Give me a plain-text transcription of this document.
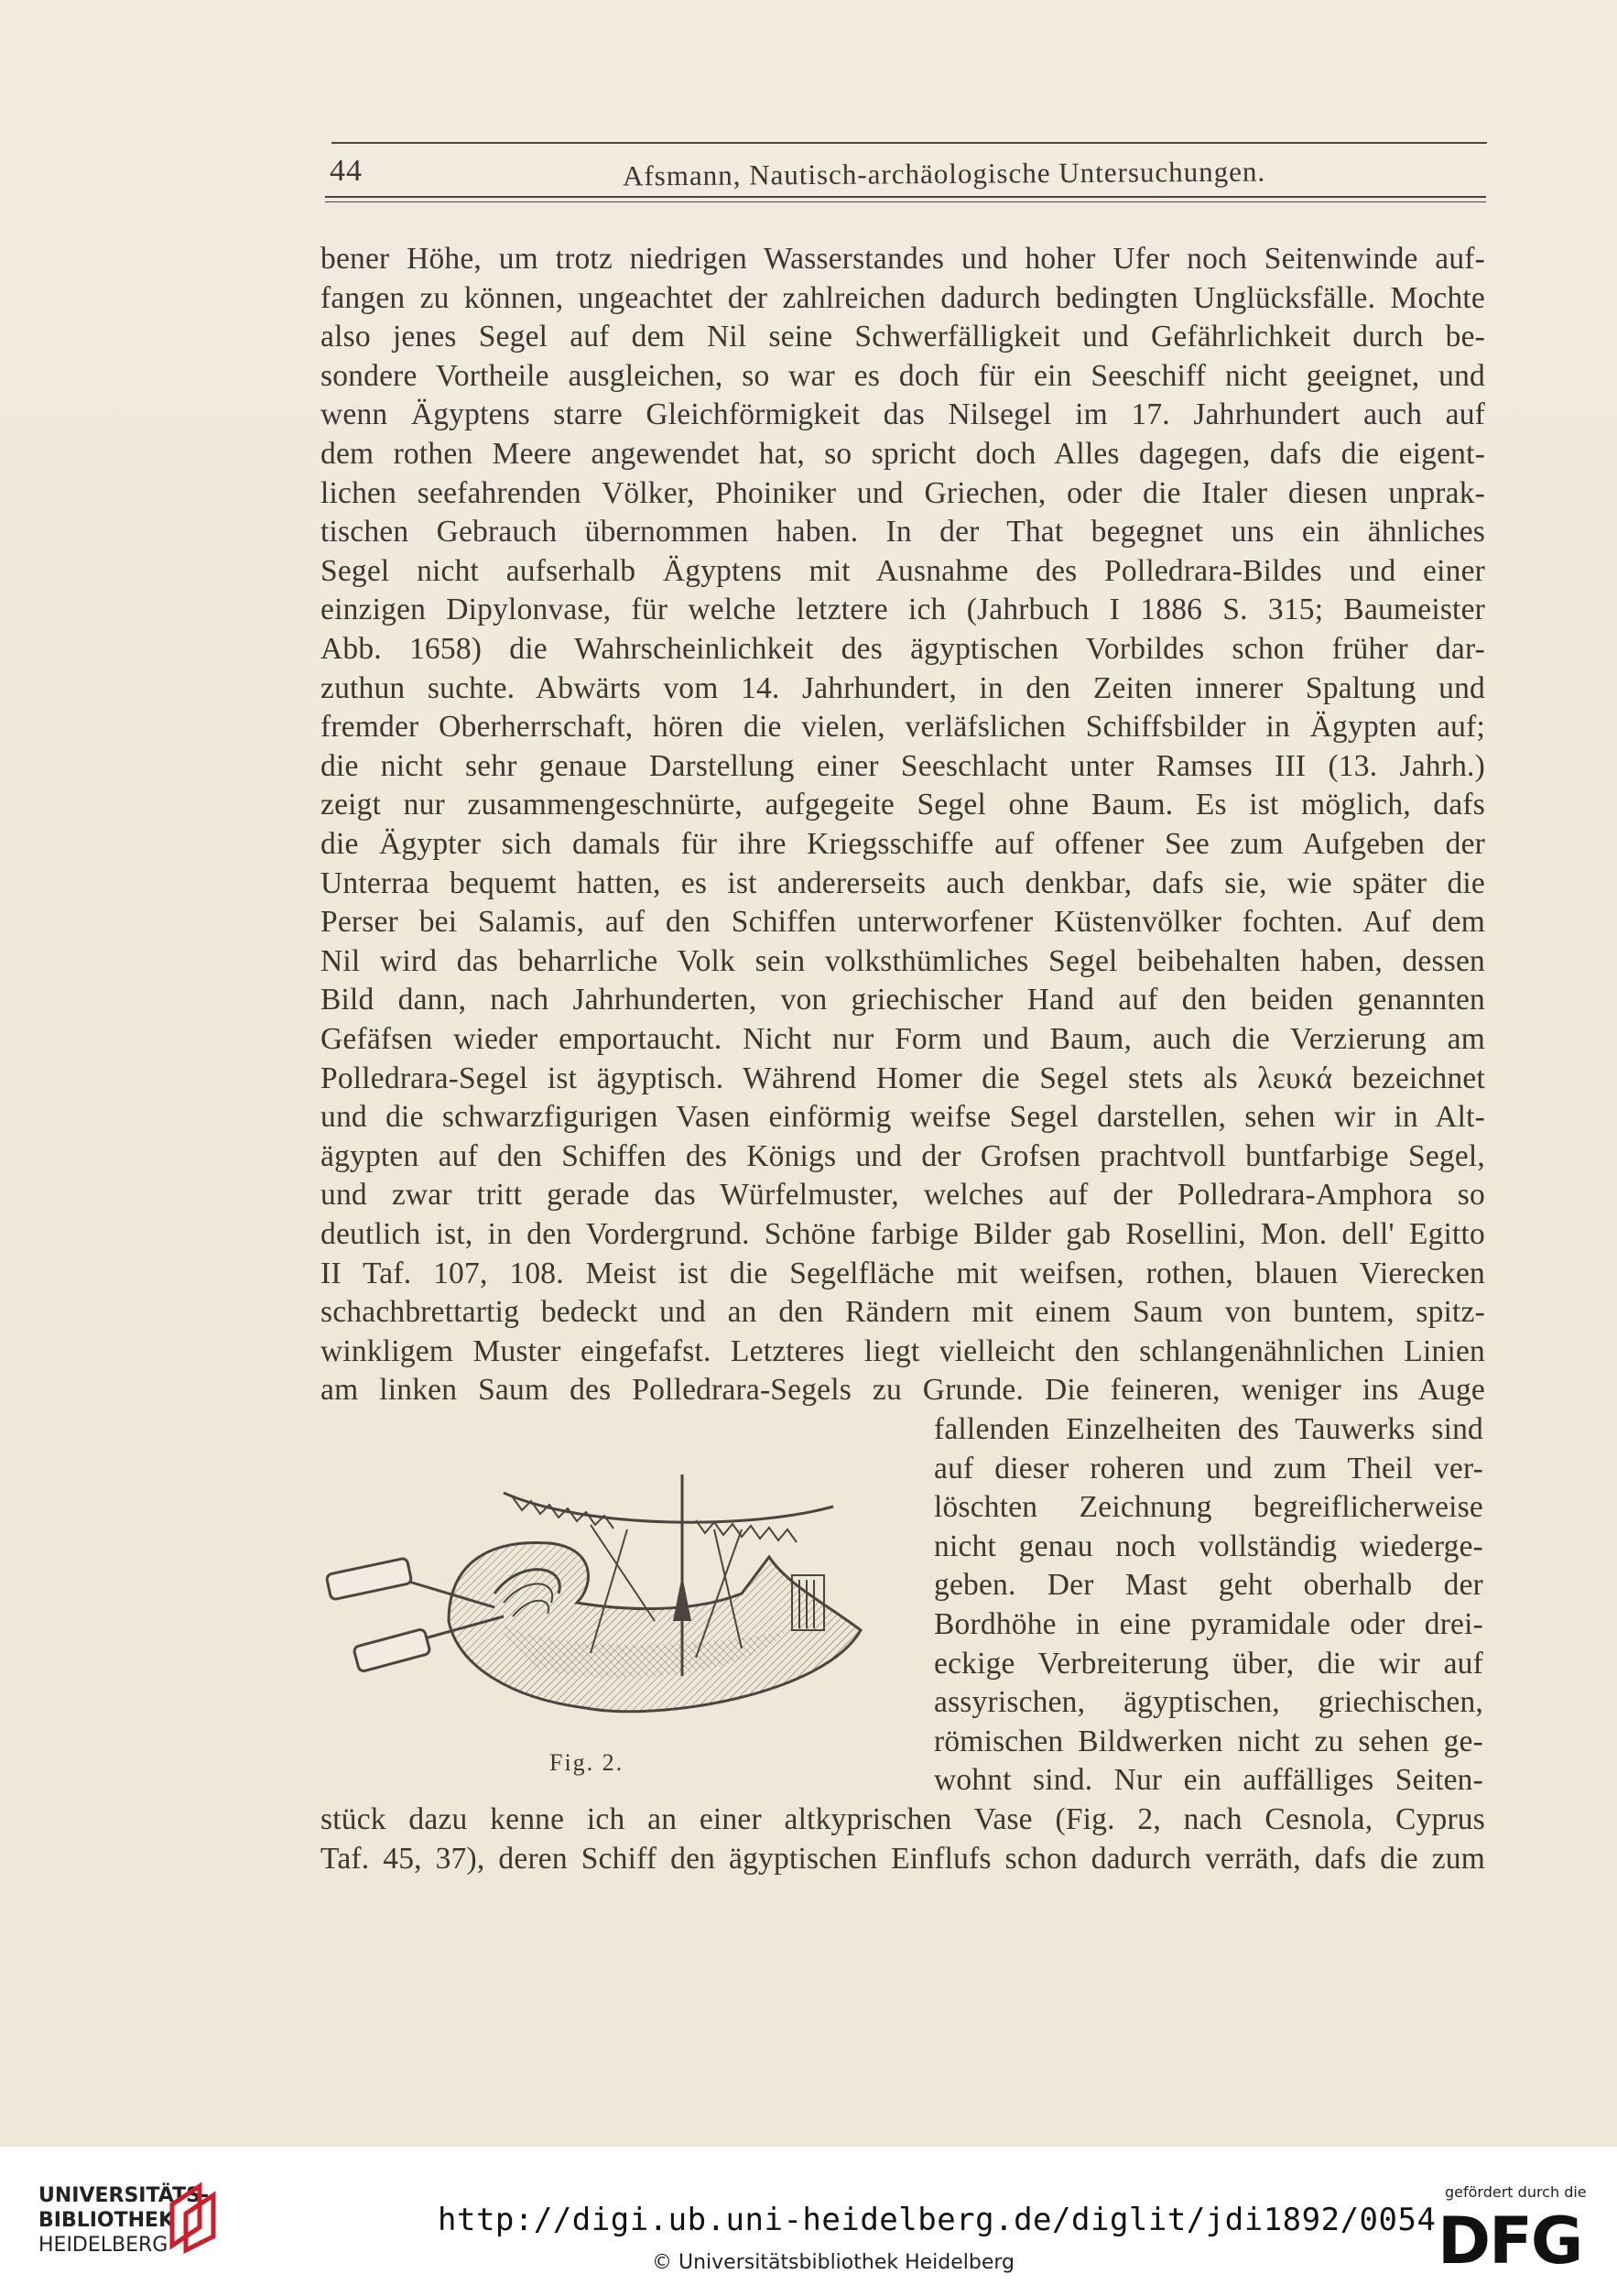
44	Afsmann, Nautisch-archäologische Untersuchungen.
bener Höhe, um trotz niedrigen Wasserstandes und hoher Ufer noch Seitenwinde auf-
fangen zu können, ungeachtet der zahlreichen dadurch bedingten Unglücksfälle. Mochte
also jenes Segel auf dem Nil seine Schwerfälligkeit und Gefährlichkeit durch be-
sondere Vortheile ausgleichen, so war es doch für ein Seeschiff nicht geeignet, und
wenn Ägyptens starre Gleichförmigkeit das Nilsegel im 17. Jahrhundert auch auf
dem rothen Meere angewendet hat, so spricht doch Alles dagegen, dafs die eigent-
lichen seefahrenden Völker, Phoiniker und Griechen, oder die Italer diesen unprak-
tischen Gebrauch übernommen haben. In der That begegnet uns ein ähnliches
Segel nicht aufserhalb Ägyptens mit Ausnahme des Polledrara-Bildes und einer
einzigen Dipylonvase, für welche letztere ich (Jahrbuch I 1886 S. 315; Baumeister
Abb. 1658) die Wahrscheinlichkeit des ägyptischen Vorbildes schon früher dar-
zuthun suchte. Abwärts vom 14. Jahrhundert, in den Zeiten innerer Spaltung und
fremder Oberherrschaft, hören die vielen, verläfslichen Schiffsbilder in Ägypten auf;
die nicht sehr genaue Darstellung einer Seeschlacht unter Ramses III (13. Jahrh.)
zeigt nur zusammengeschnürte, aufgegeite Segel ohne Baum. Es ist möglich, dafs
die Ägypter sich damals für ihre Kriegsschiffe auf offener See zum Aufgeben der
Unterraa bequemt hatten, es ist andererseits auch denkbar, dafs sie, wie später die
Perser bei Salamis, auf den Schiffen unterworfener Küstenvölker fochten. Auf dem
Nil wird das beharrliche Volk sein volksthümliches Segel beibehalten haben, dessen
Bild dann, nach Jahrhunderten, von griechischer Hand auf den beiden genannten
Gefäfsen wieder emportaucht. Nicht nur Form und Baum, auch die Verzierung am
Polledrara-Segel ist ägyptisch. Während Homer die Segel stets als λευκά bezeichnet
und die schwarzfigurigen Vasen einförmig weifse Segel darstellen, sehen wir in Alt-
ägypten auf den Schiffen des Königs und der Grofsen prachtvoll buntfarbige Segel,
und zwar tritt gerade das Würfelmuster, welches auf der Polledrara-Amphora so
deutlich ist, in den Vordergrund. Schöne farbige Bilder gab Rosellini, Mon. dell' Egitto
II Taf. 107, 108. Meist ist die Segelfläche mit weifsen, rothen, blauen Vierecken
schachbrettartig bedeckt und an den Rändern mit einem Saum von buntem, spitz-
winkligem Muster eingefafst. Letzteres liegt vielleicht den schlangenähnlichen Linien
am linken Saum des Polledrara-Segels zu Grunde. Die feineren, weniger ins Auge
fallenden Einzelheiten des Tauwerks sind
auf dieser roheren und zum Theil ver-
löschten Zeichnung begreiflicherweise
nicht genau noch vollständig wiederge-
geben. Der Mast geht oberhalb der
Bordhöhe in eine pyramidale oder drei-
eckige Verbreiterung über, die wir auf
assyrischen, ägyptischen, griechischen,
römischen Bildwerken nicht zu sehen ge-
wohnt sind. Nur ein auffälliges Seiten-
stück dazu kenne ich an einer altkyprischen Vase (Fig. 2, nach Cesnola, Cyprus
Taf. 45, 37), deren Schiff den ägyptischen Einflufs schon dadurch verräth, dafs die zum
Fig. 2.
UNIVERSITÄTS-
BIBLIOTHEK
HEIDELBERG
http://digi.ub.uni-heidelberg.de/diglit/jdi1892/0054
© Universitätsbibliothek Heidelberg
gefördert durch die
DFG
